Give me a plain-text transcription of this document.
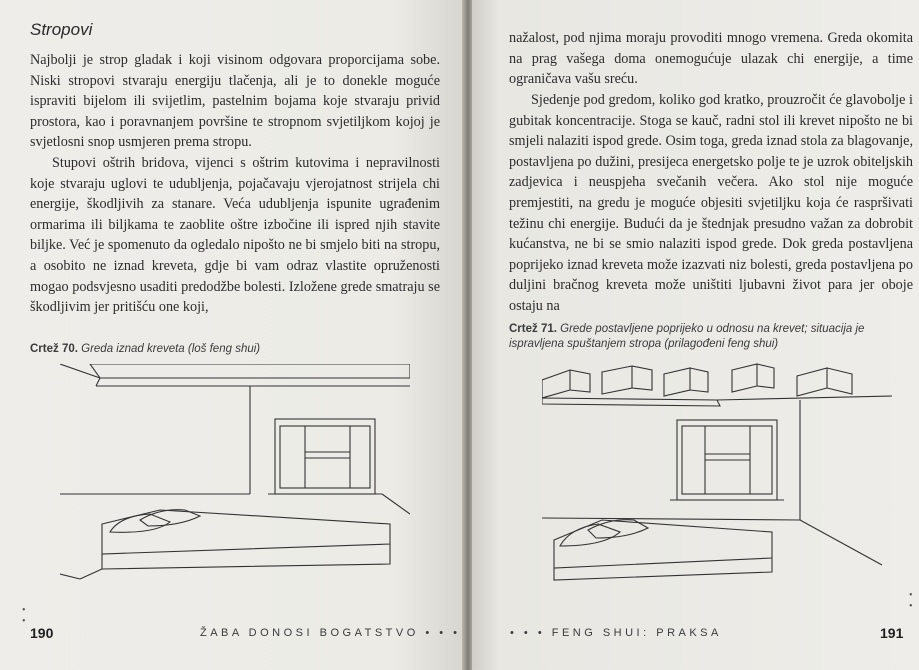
Stropovi

Najbolji je strop gladak i koji visinom odgovara proporcijama sobe. Niski stropovi stvaraju energiju tlačenja, ali je to donekle moguće ispraviti bijelom ili svijetlim, pastelnim bojama koje stvaraju privid prostora, kao i poravnanjem površine te stropnom svjetiljkom kojoj je svjetlosni snop usmjeren prema stropu.

Stupovi oštrih bridova, vijenci s oštrim kutovima i nepravilnosti koje stvaraju uglovi te udubljenja, pojačavaju vjerojatnost strijela chi energije, škodljivih za stanare. Veća udubljenja ispunite ugrađenim ormarima ili biljkama te zaoblite oštre izbočine ili ispred njih stavite biljke. Već je spomenuto da ogledalo nipošto ne bi smjelo biti na stropu, a osobito ne iznad kreveta, gdje bi vam odraz vlastite opruženosti mogao podsvjesno usaditi predodžbe bolesti. Izložene grede smatraju se škodljivim jer pritišću one koji,

Crtež 70. Greda iznad kreveta (loš feng shui)

•
•

190	ŽABA DONOSI BOGATSTVO • • •

nažalost, pod njima moraju provoditi mnogo vremena. Greda okomita na prag vašega doma onemogućuje ulazak chi energije, a time ograničava vašu sreću.

Sjedenje pod gredom, koliko god kratko, prouzročit će glavobolje i gubitak koncentracije. Stoga se kauč, radni stol ili krevet nipošto ne bi smjeli nalaziti ispod grede. Osim toga, greda iznad stola za blagovanje, postavljena po dužini, presijeca energetsko polje te je uzrok obiteljskih zadjevica i neuspjeha svečanih večera. Ako stol nije moguće premjestiti, na gredu je moguće objesiti svjetiljku koja će raspršivati težinu chi energije. Budući da je štednjak presudno važan za dobrobit kućanstva, ne bi se smio nalaziti ispod grede. Dok greda postavljena poprijeko iznad kreveta može izazvati niz bolesti, greda postavljena po duljini bračnog kreveta može uništiti ljubavni život para jer oboje ostaju na

Crtež 71. Grede postavljene poprijeko u odnosu na krevet; situacija je ispravljena spuštanjem stropa (prilagođeni feng shui)

•
•

• • • FENG SHUI: PRAKSA	191
